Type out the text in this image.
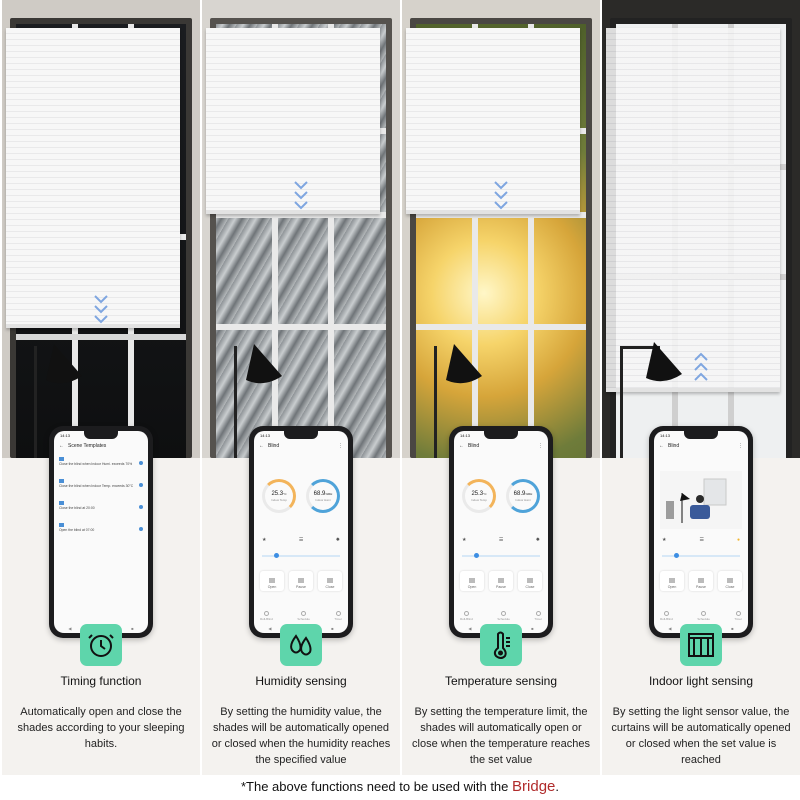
14:13
← Scene Templates

Close the blind when Indoor Humi. exceeds 70%

Close the blind when Indoor Temp. exceeds 30°C

Close the blind at 20:00

Open the blind at 07:00
◀	■
Timing function
Automatically open and close the shades according to your sleeping habits.
14:13
← Blind	⋮
25.3°C
Indoor Temp
68.9%RH
Indoor Humi
★	☰	✹
Open	Pause	Close
Roll-Blind	Schedule	Timer
◀	■
Humidity sensing
By setting the humidity value, the shades will be automatically opened or closed when the humidity reaches the specified value
14:13
← Blind	⋮
25.3°C
Indoor Temp
68.9%RH
Indoor Humi
★	☰	✹
Open	Pause	Close
Roll-Blind	Schedule	Timer
◀	■
Temperature sensing
By setting the temperature limit, the shades will automatically open or close when the temperature reaches the set value
14:13
← Blind	⋮
★	☰	●
Open	Pause	Close
Roll-Blind	Schedule	Timer
◀	■
Indoor light sensing
By setting the light sensor value, the curtains will be automatically opened or closed when the set value is reached
*The above functions need to be used with the Bridge.
